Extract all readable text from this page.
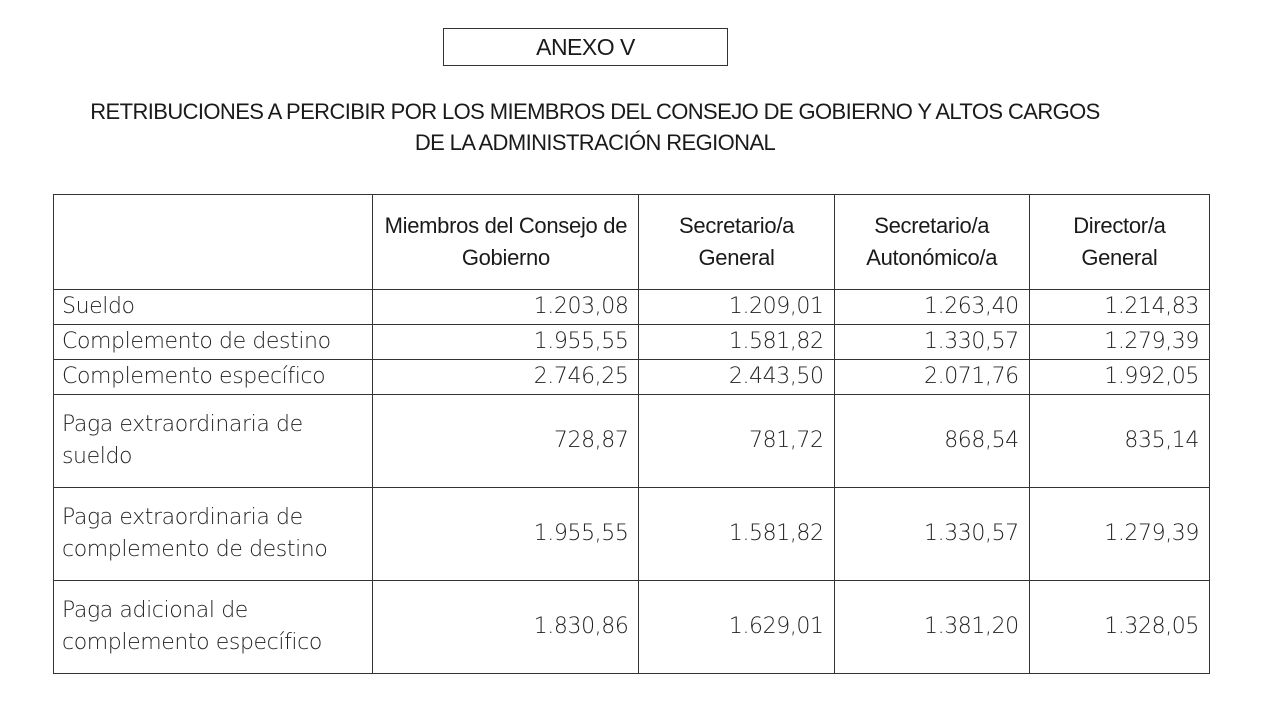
ANEXO V
RETRIBUCIONES A PERCIBIR POR LOS MIEMBROS DEL CONSEJO DE GOBIERNO Y ALTOS CARGOS
DE LA ADMINISTRACIÓN REGIONAL
	Miembros del Consejo de Gobierno	Secretario/a General	Secretario/a Autonómico/a	Director/a General
Sueldo	1.203,08	1.209,01	1.263,40	1.214,83
Complemento de destino	1.955,55	1.581,82	1.330,57	1.279,39
Complemento específico	2.746,25	2.443,50	2.071,76	1.992,05
Paga extraordinaria de sueldo	728,87	781,72	868,54	835,14
Paga extraordinaria de complemento de destino	1.955,55	1.581,82	1.330,57	1.279,39
Paga adicional de complemento específico	1.830,86	1.629,01	1.381,20	1.328,05
